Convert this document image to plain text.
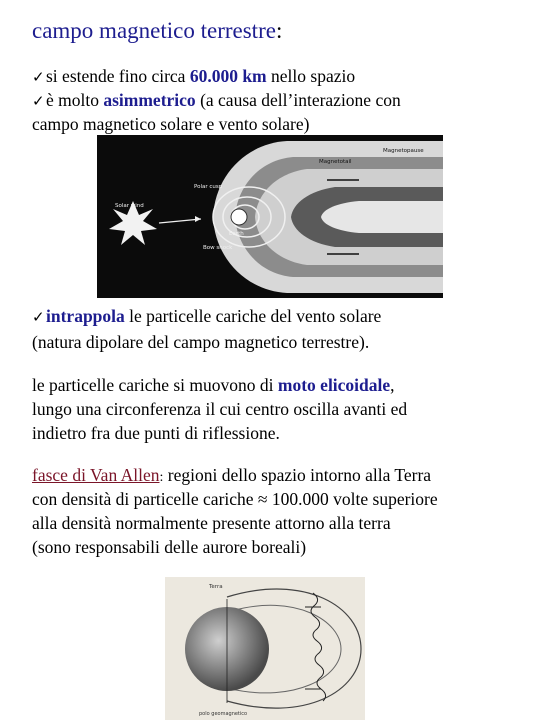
campo magnetico terrestre:
✓si estende fino circa 60.000 km nello spazio
✓è molto asimmetrico (a causa dell’interazione con
campo magnetico solare e vento solare)
Magnetopause
Magnetotail
Polar cusp
Solar wind
Earth
Bow shock
✓intrappola le particelle cariche del vento solare
(natura dipolare del campo magnetico terrestre).
le particelle cariche si muovono di moto elicoidale,
lungo una circonferenza il cui centro oscilla avanti ed
indietro fra due punti di riflessione.
fasce di Van Allen: regioni dello spazio intorno alla Terra
con densità di particelle cariche ≈ 100.000 volte superiore
alla densità normalmente presente attorno alla terra
(sono responsabili delle aurore boreali)
Terra
polo geomagnetico
